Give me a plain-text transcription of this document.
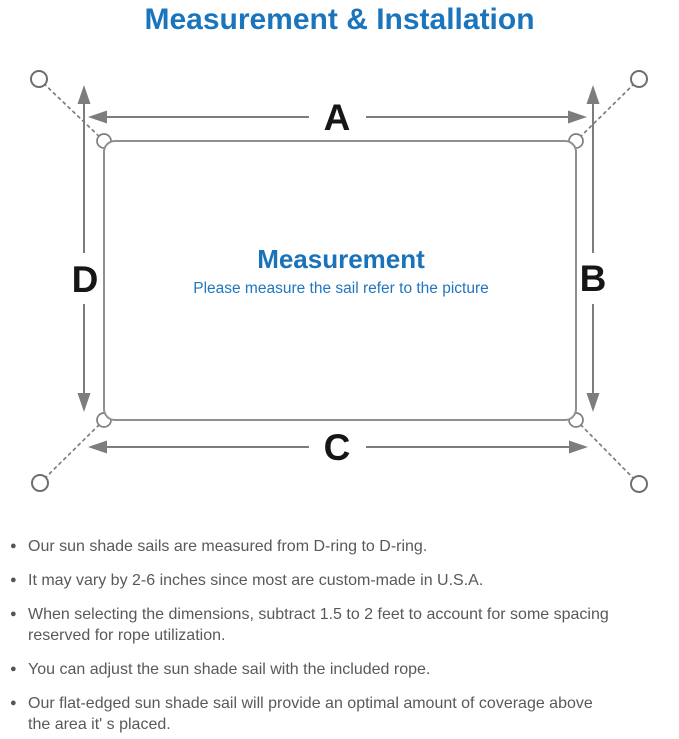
Measurement & Installation
A
B
C
D	Measurement
Please measure the sail refer to the picture
● Our sun shade sails are measured from D-ring to D-ring.
● It may vary by 2-6 inches since most are custom-made in U.S.A.
● When selecting the dimensions, subtract 1.5 to 2 feet to account for some spacing
reserved for rope utilization.
● You can adjust the sun shade sail with the included rope.
● Our flat-edged sun shade sail will provide an optimal amount of coverage above
the area it' s placed.
